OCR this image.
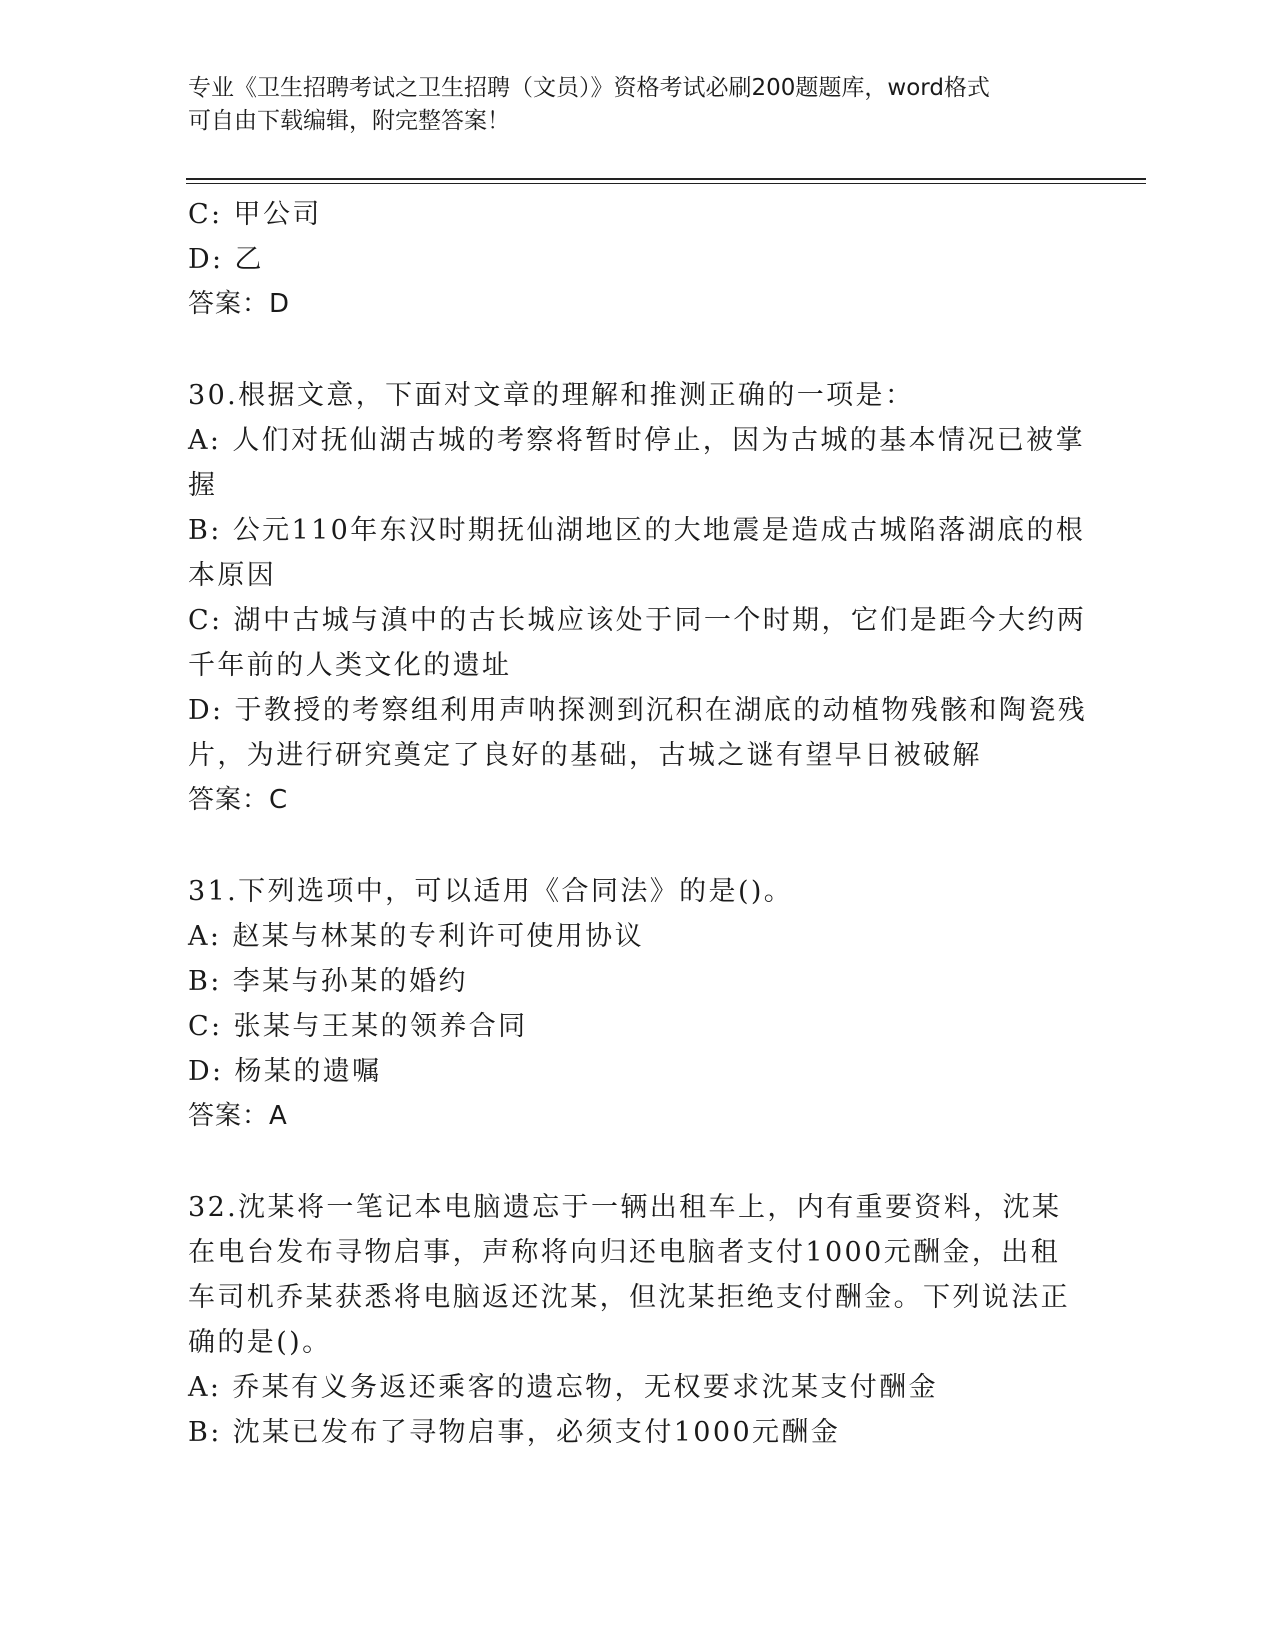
专业《卫生招聘考试之卫生招聘（文员）》资格考试必刷200题题库，word格式
可自由下载编辑，附完整答案！
C: 甲公司
D: 乙
答案：D
30.根据文意，下面对文章的理解和推测正确的一项是：
A: 人们对抚仙湖古城的考察将暂时停止，因为古城的基本情况已被掌握
B: 公元110年东汉时期抚仙湖地区的大地震是造成古城陷落湖底的根本原因
C: 湖中古城与滇中的古长城应该处于同一个时期，它们是距今大约两千年前的人类文化的遗址
D: 于教授的考察组利用声呐探测到沉积在湖底的动植物残骸和陶瓷残片，为进行研究奠定了良好的基础，古城之谜有望早日被破解
答案：C
31.下列选项中，可以适用《合同法》的是()。
A: 赵某与林某的专利许可使用协议
B: 李某与孙某的婚约
C: 张某与王某的领养合同
D: 杨某的遗嘱
答案：A
32.沈某将一笔记本电脑遗忘于一辆出租车上，内有重要资料，沈某在电台发布寻物启事，声称将向归还电脑者支付1000元酬金，出租车司机乔某获悉将电脑返还沈某，但沈某拒绝支付酬金。下列说法正确的是()。
A: 乔某有义务返还乘客的遗忘物，无权要求沈某支付酬金
B: 沈某已发布了寻物启事，必须支付1000元酬金
